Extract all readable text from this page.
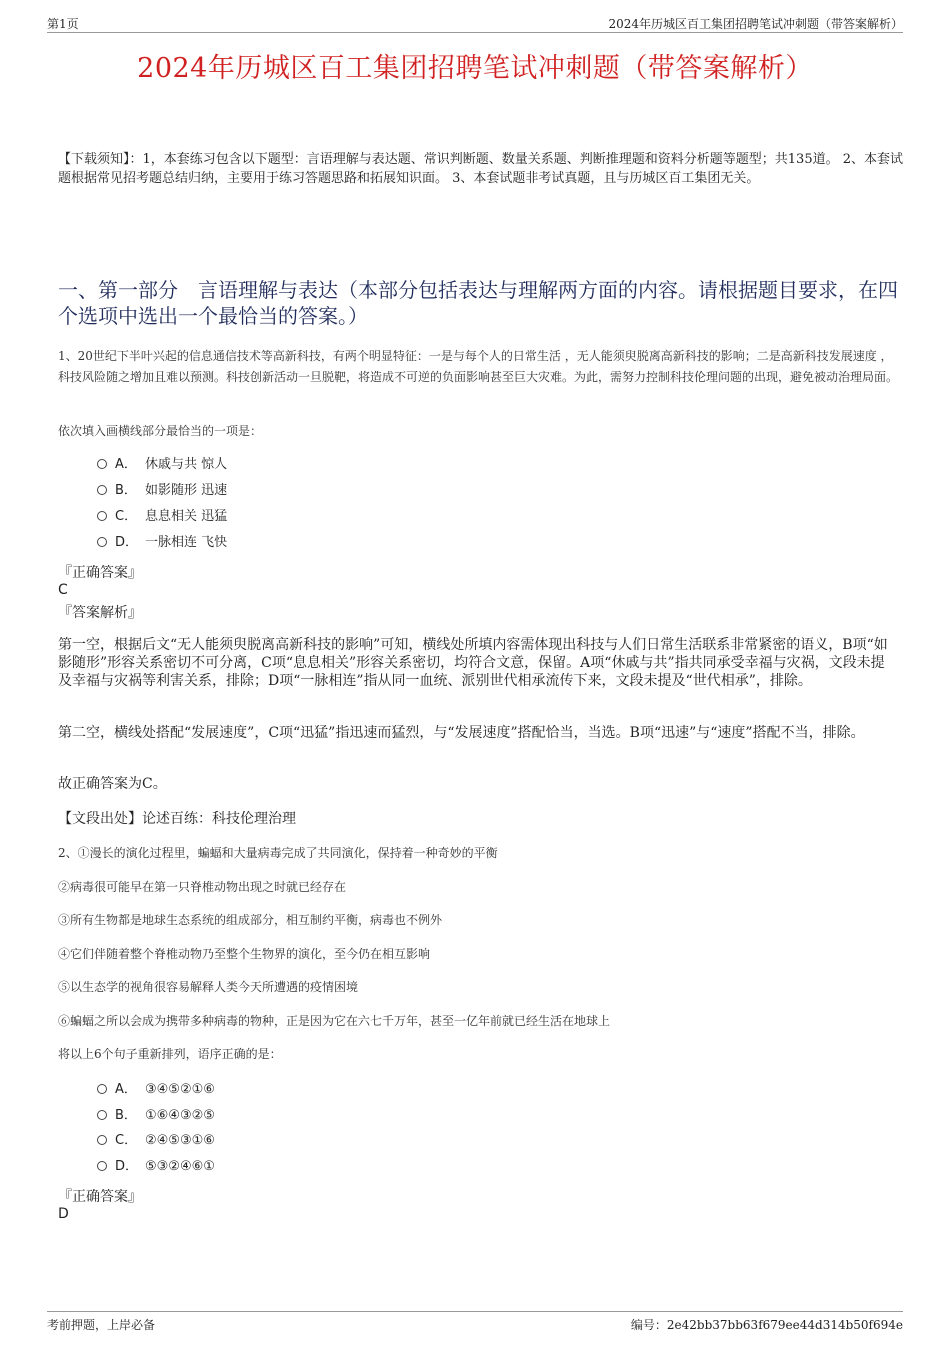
第1页	2024年历城区百工集团招聘笔试冲刺题（带答案解析）
2024年历城区百工集团招聘笔试冲刺题（带答案解析）
【下载须知】：1，本套练习包含以下题型：言语理解与表达题、常识判断题、数量关系题、判断推理题和资料分析题等题型；共135道。 2、本套试题根据常见招考题总结归纳，主要用于练习答题思路和拓展知识面。 3、本套试题非考试真题，且与历城区百工集团无关。
一、第一部分　言语理解与表达（本部分包括表达与理解两方面的内容。请根据题目要求，在四个选项中选出一个最恰当的答案。）
1、20世纪下半叶兴起的信息通信技术等高新科技，有两个明显特征：一是与每个人的日常生活 ，无人能须臾脱离高新科技的影响；二是高新科技发展速度 ，科技风险随之增加且难以预测。科技创新活动一旦脱靶，将造成不可逆的负面影响甚至巨大灾难。为此，需努力控制科技伦理问题的出现，避免被动治理局面。
依次填入画横线部分最恰当的一项是：
A． 休戚与共 惊人
B． 如影随形 迅速
C． 息息相关 迅猛
D． 一脉相连 飞快
『正确答案』
C
『答案解析』
第一空，根据后文“无人能须臾脱离高新科技的影响”可知，横线处所填内容需体现出科技与人们日常生活联系非常紧密的语义，B项“如影随形”形容关系密切不可分离，C项“息息相关”形容关系密切，均符合文意，保留。A项“休戚与共”指共同承受幸福与灾祸，文段未提及幸福与灾祸等利害关系，排除；D项“一脉相连”指从同一血统、派别世代相承流传下来，文段未提及“世代相承”，排除。
第二空，横线处搭配“发展速度”，C项“迅猛”指迅速而猛烈，与“发展速度”搭配恰当，当选。B项“迅速”与“速度”搭配不当，排除。
故正确答案为C。
【文段出处】论述百练：科技伦理治理
2、①漫长的演化过程里，蝙蝠和大量病毒完成了共同演化，保持着一种奇妙的平衡
②病毒很可能早在第一只脊椎动物出现之时就已经存在
③所有生物都是地球生态系统的组成部分，相互制约平衡，病毒也不例外
④它们伴随着整个脊椎动物乃至整个生物界的演化，至今仍在相互影响
⑤以生态学的视角很容易解释人类今天所遭遇的疫情困境
⑥蝙蝠之所以会成为携带多种病毒的物种，正是因为它在六七千万年，甚至一亿年前就已经生活在地球上
将以上6个句子重新排列，语序正确的是：
A． ③④⑤②①⑥
B． ①⑥④③②⑤
C． ②④⑤③①⑥
D． ⑤③②④⑥①
『正确答案』
D
考前押题，上岸必备	编号：2e42bb37bb63f679ee44d314b50f694e
